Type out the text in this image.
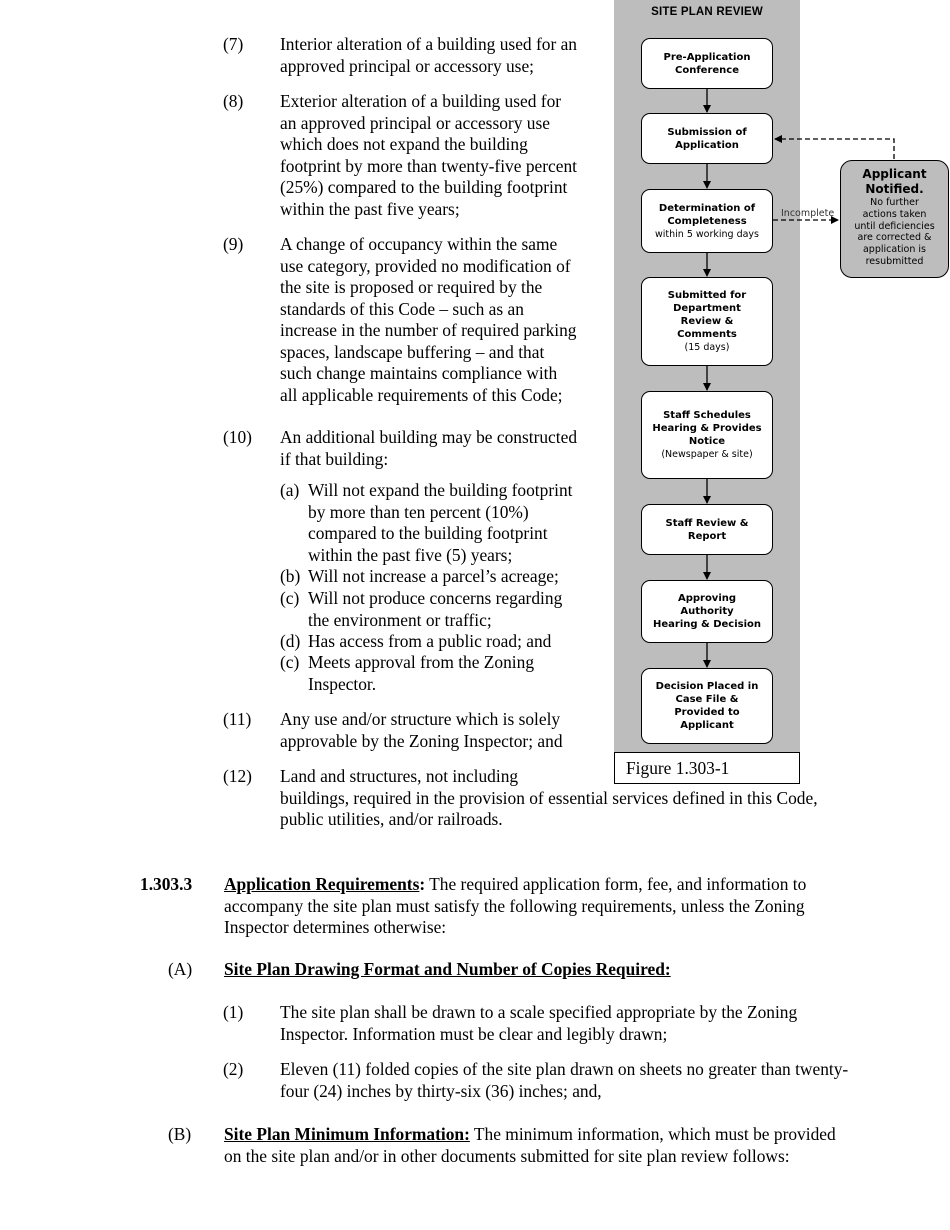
SITE PLAN REVIEW
Pre-Application
Conference
Submission of
Application
Determination of
Completeness
within 5 working days
Submitted for
Department
Review &
Comments
(15 days)
Staff Schedules
Hearing & Provides
Notice
(Newspaper & site)
Staff Review &
Report
Approving
Authority
Hearing & Decision
Decision Placed in
Case File &
Provided to
Applicant
Incomplete
Applicant
Notified.
No further
actions taken
until deficiencies
are corrected &
application is
resubmitted
Figure 1.303-1
(7) Interior alteration of a building used for an
approved principal or accessory use;
(8) Exterior alteration of a building used for
an approved principal or accessory use
which does not expand the building
footprint by more than twenty-five percent
(25%) compared to the building footprint
within the past five years;
(9) A change of occupancy within the same
use category, provided no modification of
the site is proposed or required by the
standards of this Code – such as an
increase in the number of required parking
spaces, landscape buffering – and that
such change maintains compliance with
all applicable requirements of this Code;
(10) An additional building may be constructed
if that building:
(a) Will not expand the building footprint
by more than ten percent (10%)
compared to the building footprint
within the past five (5) years;
(b) Will not increase a parcel’s acreage;
(c) Will not produce concerns regarding
the environment or traffic;
(d) Has access from a public road; and
(c) Meets approval from the Zoning
Inspector.
(11) Any use and/or structure which is solely
approvable by the Zoning Inspector; and
(12) Land and structures, not including
buildings, required in the provision of essential services defined in this Code,
public utilities, and/or railroads.
1.303.3 Application Requirements: The required application form, fee, and information to
accompany the site plan must satisfy the following requirements, unless the Zoning
Inspector determines otherwise:
(A) Site Plan Drawing Format and Number of Copies Required:
(1) The site plan shall be drawn to a scale specified appropriate by the Zoning
Inspector. Information must be clear and legibly drawn;
(2) Eleven (11) folded copies of the site plan drawn on sheets no greater than twenty-
four (24) inches by thirty-six (36) inches; and,
(B) Site Plan Minimum Information: The minimum information, which must be provided
on the site plan and/or in other documents submitted for site plan review follows:
